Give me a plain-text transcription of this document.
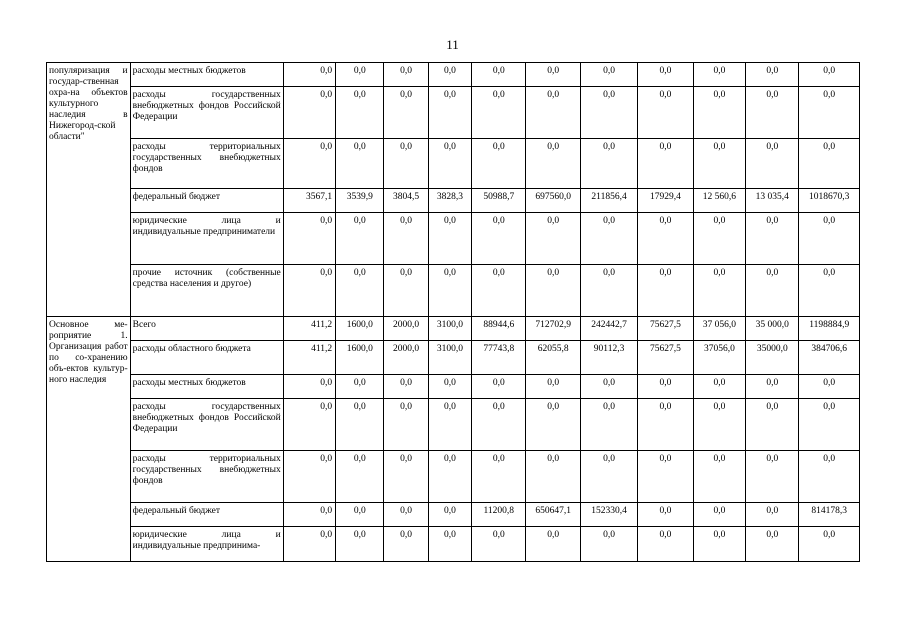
11
популяризация и государ-ственная охра-на объектов культурного наследия в Нижегород-ской области"	расходы местных бюджетов	0,0	0,0	0,0	0,0	0,0	0,0	0,0	0,0	0,0	0,0	0,0
	расходы государственных внебюджетных фондов Российской Федерации	0,0	0,0	0,0	0,0	0,0	0,0	0,0	0,0	0,0	0,0	0,0
	расходы территориальных государственных внебюджетных фондов	0,0	0,0	0,0	0,0	0,0	0,0	0,0	0,0	0,0	0,0	0,0
	федеральный бюджет	3567,1	3539,9	3804,5	3828,3	50988,7	697560,0	211856,4	17929,4	12 560,6	13 035,4	1018670,3
	юридические лица и индивидуальные предприниматели	0,0	0,0	0,0	0,0	0,0	0,0	0,0	0,0	0,0	0,0	0,0
	прочие источник (собственные средства населения и другое)	0,0	0,0	0,0	0,0	0,0	0,0	0,0	0,0	0,0	0,0	0,0
Основное ме-роприятие 1. Организация работ по со-хранению объ-ектов культур-ного наследия	Всего	411,2	1600,0	2000,0	3100,0	88944,6	712702,9	242442,7	75627,5	37 056,0	35 000,0	1198884,9
	расходы областного бюджета	411,2	1600,0	2000,0	3100,0	77743,8	62055,8	90112,3	75627,5	37056,0	35000,0	384706,6
	расходы местных бюджетов	0,0	0,0	0,0	0,0	0,0	0,0	0,0	0,0	0,0	0,0	0,0
	расходы государственных внебюджетных фондов Российской Федерации	0,0	0,0	0,0	0,0	0,0	0,0	0,0	0,0	0,0	0,0	0,0
	расходы территориальных государственных внебюджетных фондов	0,0	0,0	0,0	0,0	0,0	0,0	0,0	0,0	0,0	0,0	0,0
	федеральный бюджет	0,0	0,0	0,0	0,0	11200,8	650647,1	152330,4	0,0	0,0	0,0	814178,3
	юридические лица и индивидуальные предпринима-	0,0	0,0	0,0	0,0	0,0	0,0	0,0	0,0	0,0	0,0	0,0
